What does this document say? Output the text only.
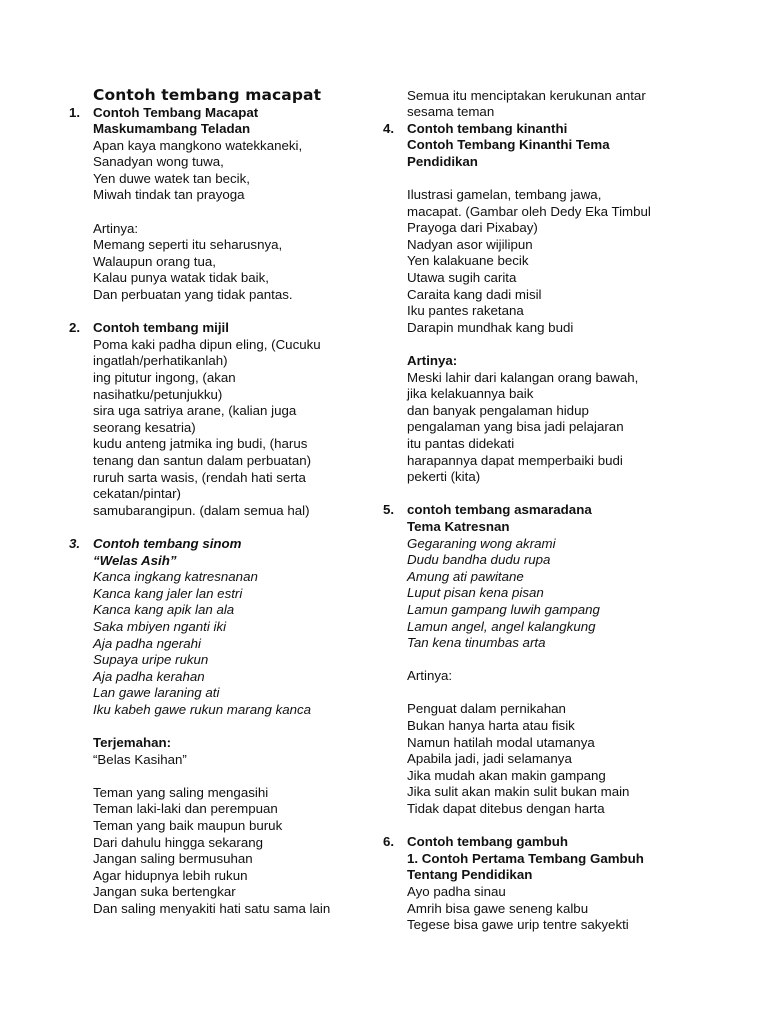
Contoh tembang macapat
1. Contoh Tembang Macapat
Maskumambang Teladan
Apan kaya mangkono watekkaneki,
Sanadyan wong tuwa,
Yen duwe watek tan becik,
Miwah tindak tan prayoga
Artinya:
Memang seperti itu seharusnya,
Walaupun orang tua,
Kalau punya watak tidak baik,
Dan perbuatan yang tidak pantas.
2. Contoh tembang mijil
Poma kaki padha dipun eling, (Cucuku
ingatlah/perhatikanlah)
ing pitutur ingong, (akan
nasihatku/petunjukku)
sira uga satriya arane, (kalian juga
seorang kesatria)
kudu anteng jatmika ing budi, (harus
tenang dan santun dalam perbuatan)
ruruh sarta wasis, (rendah hati serta
cekatan/pintar)
samubarangipun. (dalam semua hal)
3. Contoh tembang sinom
“Welas Asih”
Kanca ingkang katresnanan
Kanca kang jaler lan estri
Kanca kang apik lan ala
Saka mbiyen nganti iki
Aja padha ngerahi
Supaya uripe rukun
Aja padha kerahan
Lan gawe laraning ati
Iku kabeh gawe rukun marang kanca
Terjemahan:
“Belas Kasihan”
Teman yang saling mengasihi
Teman laki-laki dan perempuan
Teman yang baik maupun buruk
Dari dahulu hingga sekarang
Jangan saling bermusuhan
Agar hidupnya lebih rukun
Jangan suka bertengkar
Dan saling menyakiti hati satu sama lain
Semua itu menciptakan kerukunan antar
sesama teman
4. Contoh tembang kinanthi
Contoh Tembang Kinanthi Tema
Pendidikan
Ilustrasi gamelan, tembang jawa,
macapat. (Gambar oleh Dedy Eka Timbul
Prayoga dari Pixabay)
Nadyan asor wijilipun
Yen kalakuane becik
Utawa sugih carita
Caraita kang dadi misil
Iku pantes raketana
Darapin mundhak kang budi
Artinya:
Meski lahir dari kalangan orang bawah,
jika kelakuannya baik
dan banyak pengalaman hidup
pengalaman yang bisa jadi pelajaran
itu pantas didekati
harapannya dapat memperbaiki budi
pekerti (kita)
5. contoh tembang asmaradana
Tema Katresnan
Gegaraning wong akrami
Dudu bandha dudu rupa
Amung ati pawitane
Luput pisan kena pisan
Lamun gampang luwih gampang
Lamun angel, angel kalangkung
Tan kena tinumbas arta
Artinya:
Penguat dalam pernikahan
Bukan hanya harta atau fisik
Namun hatilah modal utamanya
Apabila jadi, jadi selamanya
Jika mudah akan makin gampang
Jika sulit akan makin sulit bukan main
Tidak dapat ditebus dengan harta
6. Contoh tembang gambuh
1. Contoh Pertama Tembang Gambuh
Tentang Pendidikan
Ayo padha sinau
Amrih bisa gawe seneng kalbu
Tegese bisa gawe urip tentre sakyekti
